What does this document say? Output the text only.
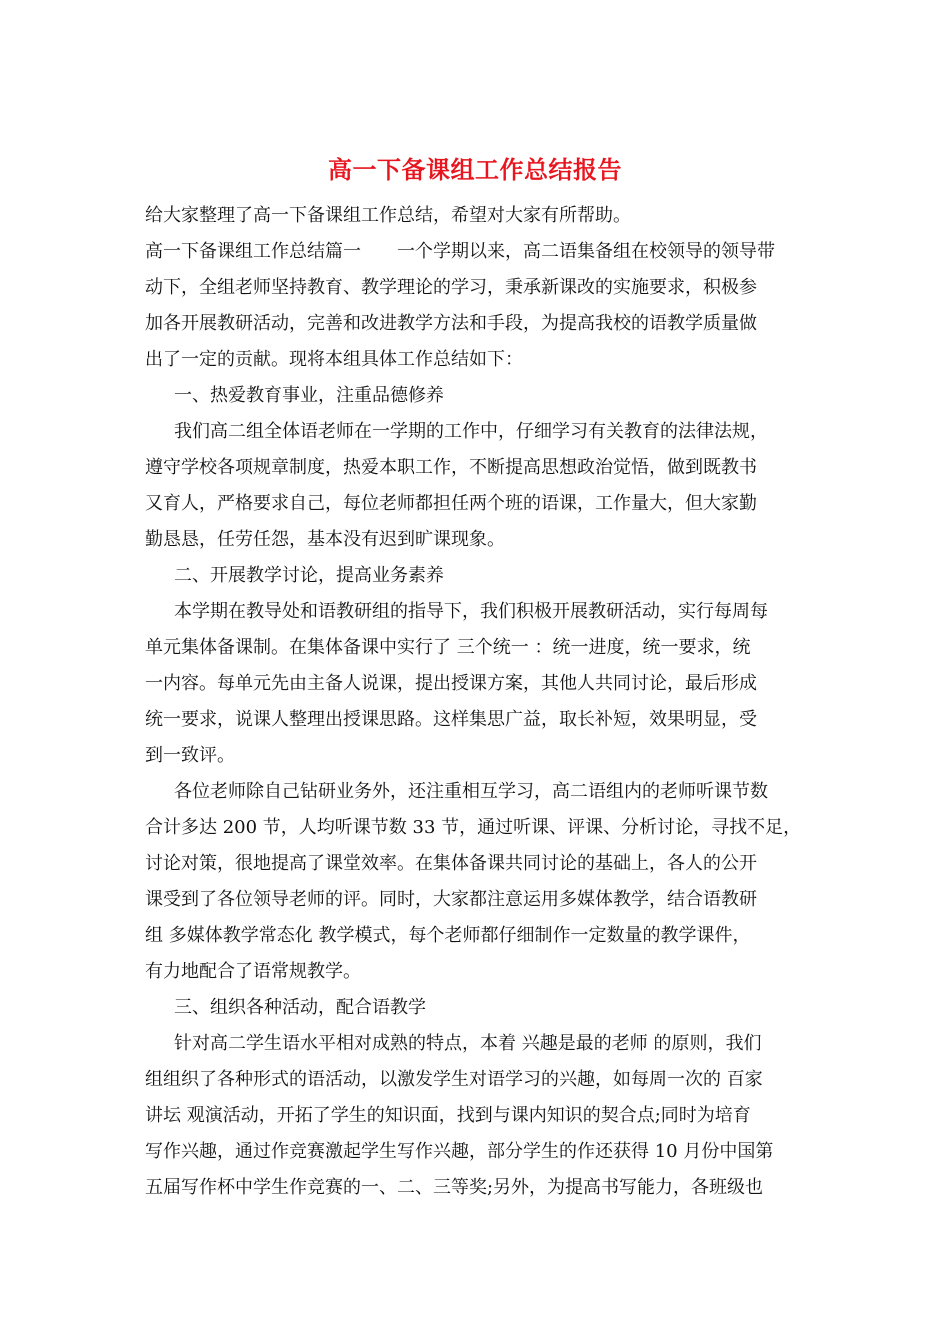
高一下备课组工作总结报告
给大家整理了高一下备课组工作总结，希望对大家有所帮助。
高一下备课组工作总结篇一　　一个学期以来，高二语集备组在校领导的领导带
动下，全组老师坚持教育、教学理论的学习，秉承新课改的实施要求，积极参
加各开展教研活动，完善和改进教学方法和手段，为提高我校的语教学质量做
出了一定的贡献。现将本组具体工作总结如下：
一、热爱教育事业，注重品德修养
我们高二组全体语老师在一学期的工作中，仔细学习有关教育的法律法规，
遵守学校各项规章制度，热爱本职工作，不断提高思想政治觉悟，做到既教书
又育人，严格要求自己，每位老师都担任两个班的语课，工作量大，但大家勤
勤恳恳，任劳任怨，基本没有迟到旷课现象。
二、开展教学讨论，提高业务素养
本学期在教导处和语教研组的指导下，我们积极开展教研活动，实行每周每
单元集体备课制。在集体备课中实行了 三个统一 ：统一进度，统一要求，统
一内容。每单元先由主备人说课，提出授课方案，其他人共同讨论，最后形成
统一要求，说课人整理出授课思路。这样集思广益，取长补短，效果明显，受
到一致评。
各位老师除自己钻研业务外，还注重相互学习，高二语组内的老师听课节数
合计多达 200 节，人均听课节数 33 节，通过听课、评课、分析讨论，寻找不足，
讨论对策，很地提高了课堂效率。在集体备课共同讨论的基础上，各人的公开
课受到了各位领导老师的评。同时，大家都注意运用多媒体教学，结合语教研
组 多媒体教学常态化 教学模式，每个老师都仔细制作一定数量的教学课件，
有力地配合了语常规教学。
三、组织各种活动，配合语教学
针对高二学生语水平相对成熟的特点，本着 兴趣是最的老师 的原则，我们
组组织了各种形式的语活动，以激发学生对语学习的兴趣，如每周一次的 百家
讲坛 观演活动，开拓了学生的知识面，找到与课内知识的契合点;同时为培育
写作兴趣，通过作竞赛激起学生写作兴趣，部分学生的作还获得 10 月份中国第
五届写作杯中学生作竞赛的一、二、三等奖;另外，为提高书写能力，各班级也
